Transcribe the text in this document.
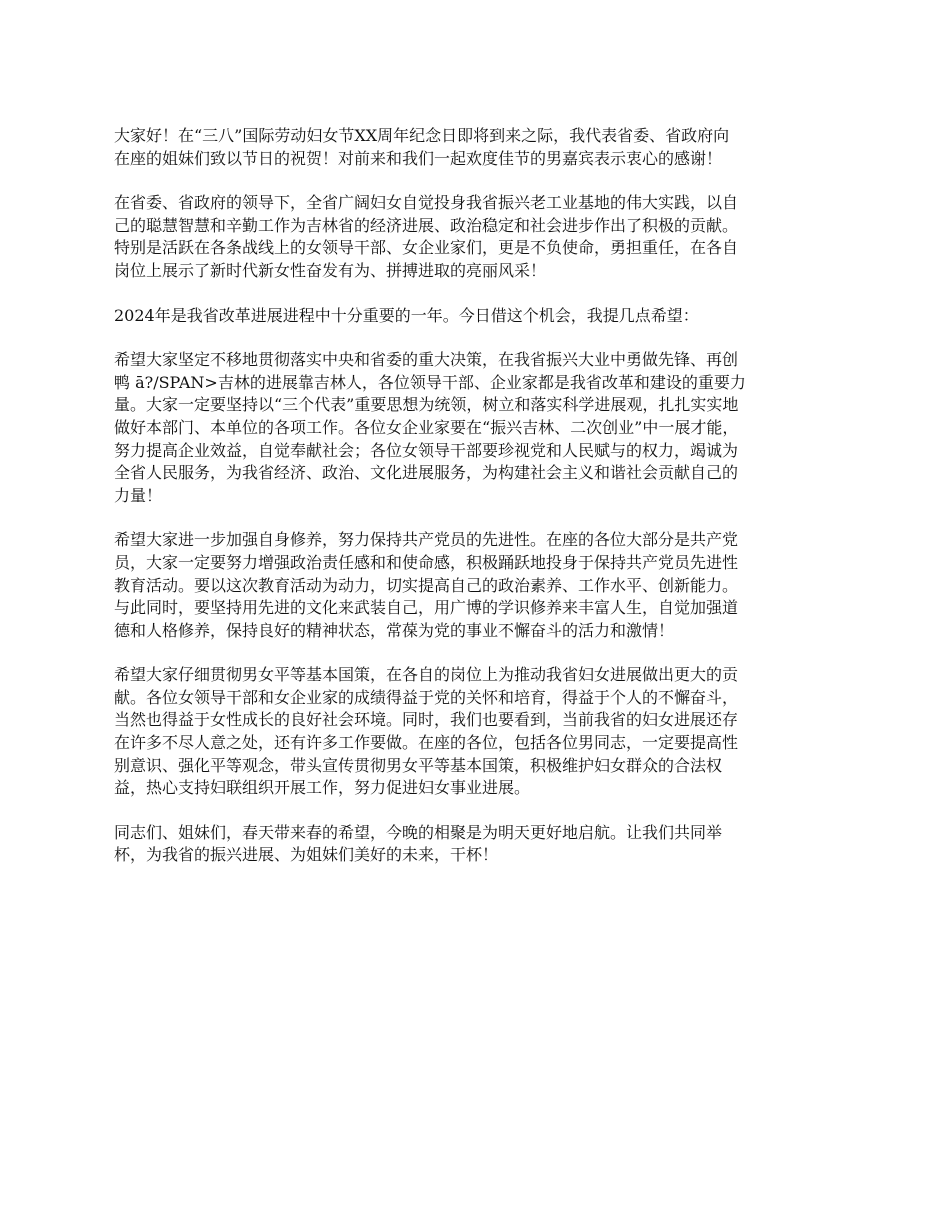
大家好！在“三八”国际劳动妇女节XX周年纪念日即将到来之际，我代表省委、省政府向
在座的姐妹们致以节日的祝贺！对前来和我们一起欢度佳节的男嘉宾表示衷心的感谢！

在省委、省政府的领导下，全省广阔妇女自觉投身我省振兴老工业基地的伟大实践，以自
己的聪慧智慧和辛勤工作为吉林省的经济进展、政治稳定和社会进步作出了积极的贡献。
特别是活跃在各条战线上的女领导干部、女企业家们，更是不负使命，勇担重任，在各自
岗位上展示了新时代新女性奋发有为、拼搏进取的亮丽风采！

2024年是我省改革进展进程中十分重要的一年。今日借这个机会，我提几点希望：

希望大家坚定不移地贯彻落实中央和省委的重大决策，在我省振兴大业中勇做先锋、再创
鸭 ā?/SPAN>吉林的进展靠吉林人，各位领导干部、企业家都是我省改革和建设的重要力
量。大家一定要坚持以“三个代表”重要思想为统领，树立和落实科学进展观，扎扎实实地
做好本部门、本单位的各项工作。各位女企业家要在“振兴吉林、二次创业”中一展才能，
努力提高企业效益，自觉奉献社会；各位女领导干部要珍视党和人民赋与的权力，竭诚为
全省人民服务，为我省经济、政治、文化进展服务，为构建社会主义和谐社会贡献自己的
力量！

希望大家进一步加强自身修养，努力保持共产党员的先进性。在座的各位大部分是共产党
员，大家一定要努力增强政治责任感和和使命感，积极踊跃地投身于保持共产党员先进性
教育活动。要以这次教育活动为动力，切实提高自己的政治素养、工作水平、创新能力。
与此同时，要坚持用先进的文化来武装自己，用广博的学识修养来丰富人生，自觉加强道
德和人格修养，保持良好的精神状态，常葆为党的事业不懈奋斗的活力和激情！

希望大家仔细贯彻男女平等基本国策，在各自的岗位上为推动我省妇女进展做出更大的贡
献。各位女领导干部和女企业家的成绩得益于党的关怀和培育，得益于个人的不懈奋斗，
当然也得益于女性成长的良好社会环境。同时，我们也要看到，当前我省的妇女进展还存
在许多不尽人意之处，还有许多工作要做。在座的各位，包括各位男同志，一定要提高性
别意识、强化平等观念，带头宣传贯彻男女平等基本国策，积极维护妇女群众的合法权
益，热心支持妇联组织开展工作，努力促进妇女事业进展。

同志们、姐妹们，春天带来春的希望，今晚的相聚是为明天更好地启航。让我们共同举
杯，为我省的振兴进展、为姐妹们美好的未来，干杯！
